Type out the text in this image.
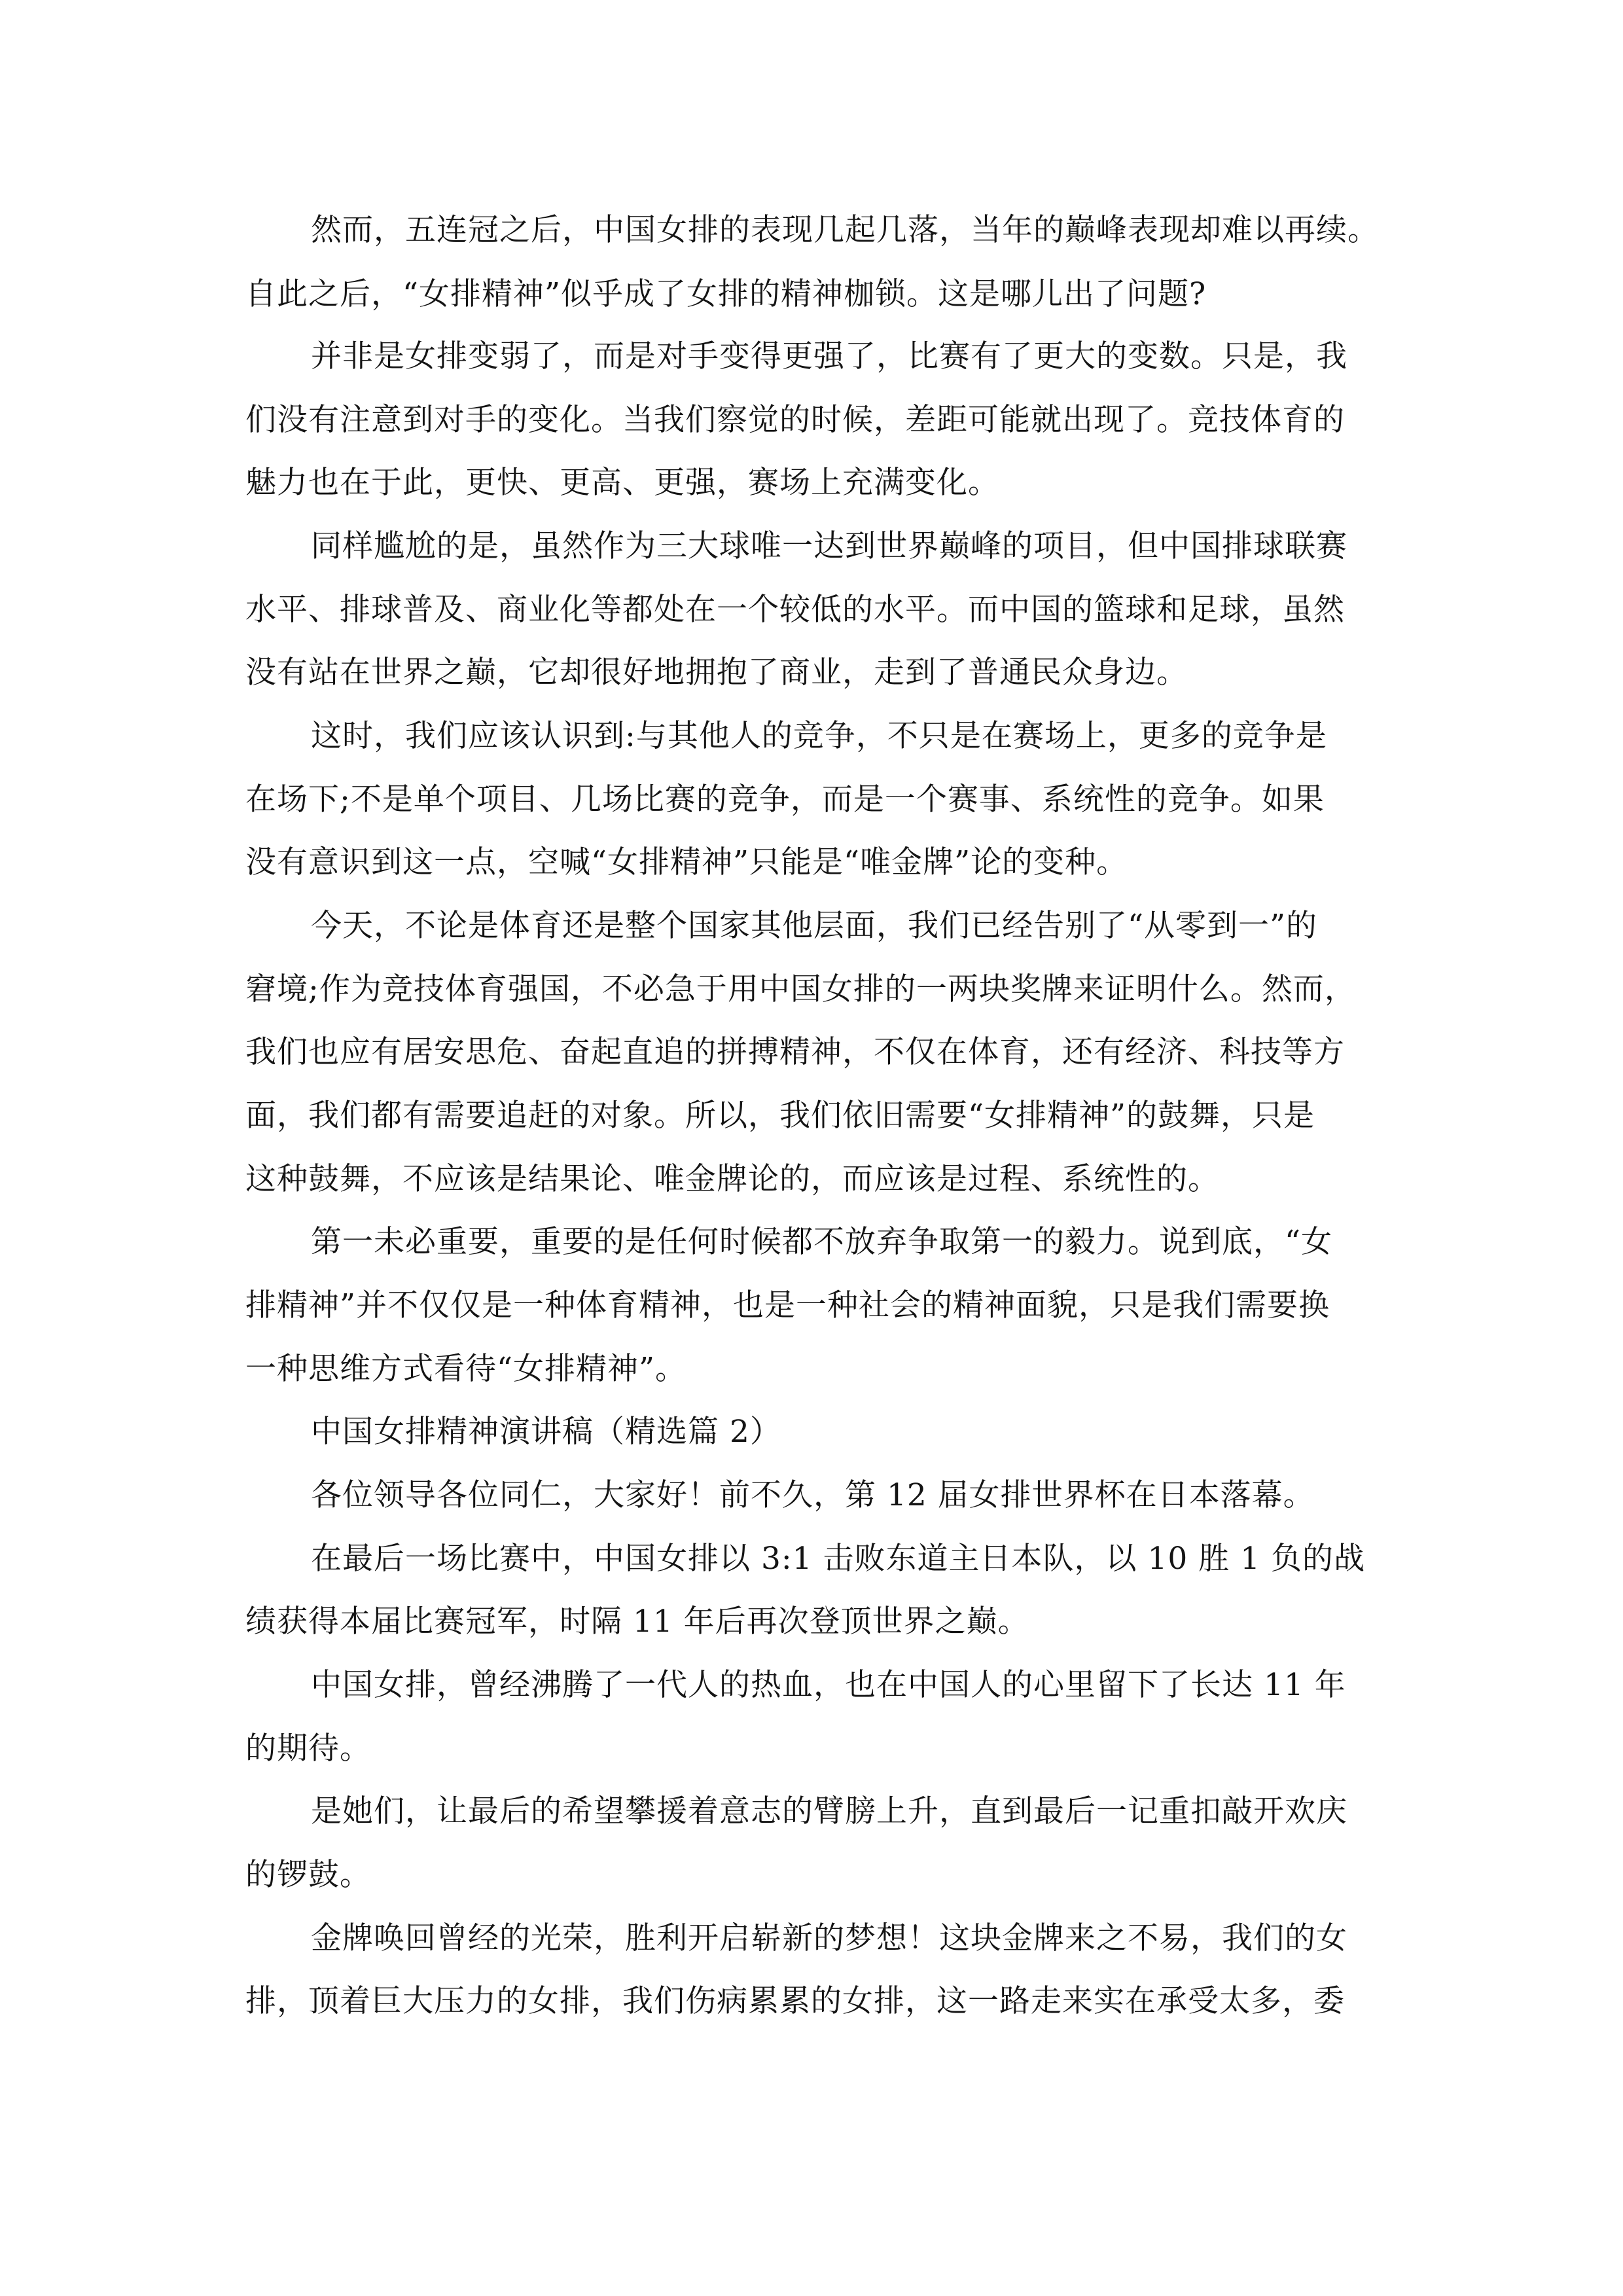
然而，五连冠之后，中国女排的表现几起几落，当年的巅峰表现却难以再续。
自此之后，“女排精神”似乎成了女排的精神枷锁。这是哪儿出了问题?
并非是女排变弱了，而是对手变得更强了，比赛有了更大的变数。只是，我
们没有注意到对手的变化。当我们察觉的时候，差距可能就出现了。竞技体育的
魅力也在于此，更快、更高、更强，赛场上充满变化。
同样尴尬的是，虽然作为三大球唯一达到世界巅峰的项目，但中国排球联赛
水平、排球普及、商业化等都处在一个较低的水平。而中国的篮球和足球，虽然
没有站在世界之巅，它却很好地拥抱了商业，走到了普通民众身边。
这时，我们应该认识到:与其他人的竞争，不只是在赛场上，更多的竞争是
在场下;不是单个项目、几场比赛的竞争，而是一个赛事、系统性的竞争。如果
没有意识到这一点，空喊“女排精神”只能是“唯金牌”论的变种。
今天，不论是体育还是整个国家其他层面，我们已经告别了“从零到一”的
窘境;作为竞技体育强国，不必急于用中国女排的一两块奖牌来证明什么。然而，
我们也应有居安思危、奋起直追的拼搏精神，不仅在体育，还有经济、科技等方
面，我们都有需要追赶的对象。所以，我们依旧需要“女排精神”的鼓舞，只是
这种鼓舞，不应该是结果论、唯金牌论的，而应该是过程、系统性的。
第一未必重要，重要的是任何时候都不放弃争取第一的毅力。说到底，“女
排精神”并不仅仅是一种体育精神，也是一种社会的精神面貌，只是我们需要换
一种思维方式看待“女排精神”。
中国女排精神演讲稿（精选篇 2）
各位领导各位同仁，大家好！前不久，第 12 届女排世界杯在日本落幕。
在最后一场比赛中，中国女排以 3:1 击败东道主日本队，以 10 胜 1 负的战
绩获得本届比赛冠军，时隔 11 年后再次登顶世界之巅。
中国女排，曾经沸腾了一代人的热血，也在中国人的心里留下了长达 11 年
的期待。
是她们，让最后的希望攀援着意志的臂膀上升，直到最后一记重扣敲开欢庆
的锣鼓。
金牌唤回曾经的光荣，胜利开启崭新的梦想！这块金牌来之不易，我们的女
排，顶着巨大压力的女排，我们伤病累累的女排，这一路走来实在承受太多，委
